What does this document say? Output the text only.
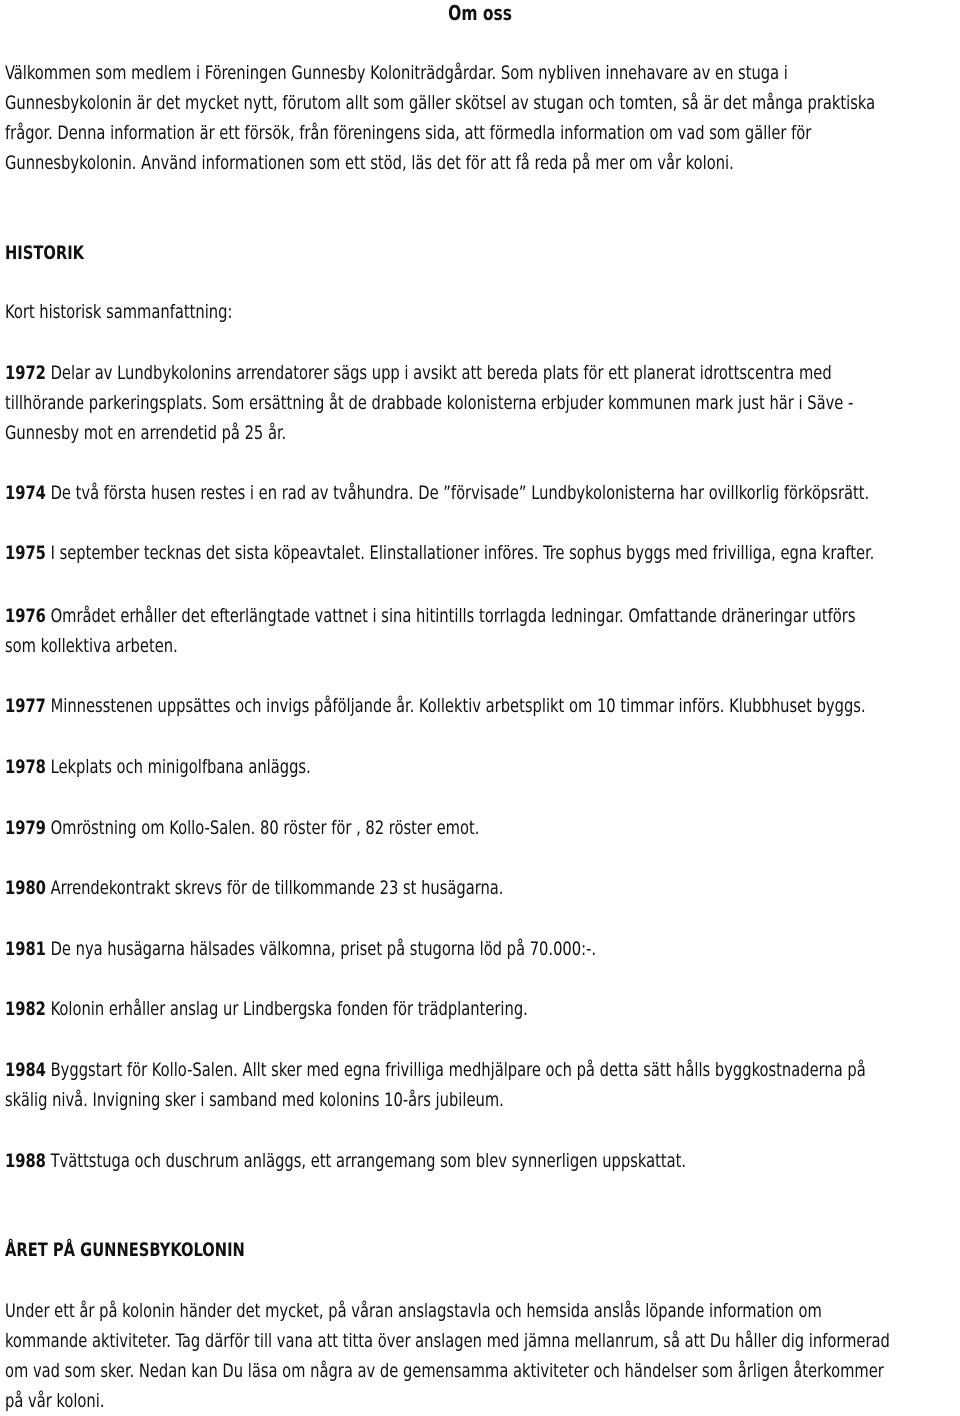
Om oss
Välkommen som medlem i Föreningen Gunnesby Koloniträdgårdar. Som nybliven innehavare av en stuga i
Gunnesbykolonin är det mycket nytt, förutom allt som gäller skötsel av stugan och tomten, så är det många praktiska
frågor. Denna information är ett försök, från föreningens sida, att förmedla information om vad som gäller för
Gunnesbykolonin. Använd informationen som ett stöd, läs det för att få reda på mer om vår koloni.
HISTORIK
Kort historisk sammanfattning:
1972 Delar av Lundbykolonins arrendatorer sägs upp i avsikt att bereda plats för ett planerat idrottscentra med
tillhörande parkeringsplats. Som ersättning åt de drabbade kolonisterna erbjuder kommunen mark just här i Säve -
Gunnesby mot en arrendetid på 25 år.
1974 De två första husen restes i en rad av tvåhundra. De ”förvisade” Lundbykolonisterna har ovillkorlig förköpsrätt.
1975 I september tecknas det sista köpeavtalet. Elinstallationer införes. Tre sophus byggs med frivilliga, egna krafter.
1976 Området erhåller det efterlängtade vattnet i sina hitintills torrlagda ledningar. Omfattande dräneringar utförs
som kollektiva arbeten.
1977 Minnesstenen uppsättes och invigs påföljande år. Kollektiv arbetsplikt om 10 timmar införs. Klubbhuset byggs.
1978 Lekplats och minigolfbana anläggs.
1979 Omröstning om Kollo-Salen. 80 röster för , 82 röster emot.
1980 Arrendekontrakt skrevs för de tillkommande 23 st husägarna.
1981 De nya husägarna hälsades välkomna, priset på stugorna löd på 70.000:-.
1982 Kolonin erhåller anslag ur Lindbergska fonden för trädplantering.
1984 Byggstart för Kollo-Salen. Allt sker med egna frivilliga medhjälpare och på detta sätt hålls byggkostnaderna på
skälig nivå. Invigning sker i samband med kolonins 10-års jubileum.
1988 Tvättstuga och duschrum anläggs, ett arrangemang som blev synnerligen uppskattat.
ÅRET PÅ GUNNESBYKOLONIN
Under ett år på kolonin händer det mycket, på våran anslagstavla och hemsida anslås löpande information om
kommande aktiviteter. Tag därför till vana att titta över anslagen med jämna mellanrum, så att Du håller dig informerad
om vad som sker. Nedan kan Du läsa om några av de gemensamma aktiviteter och händelser som årligen återkommer
på vår koloni.
